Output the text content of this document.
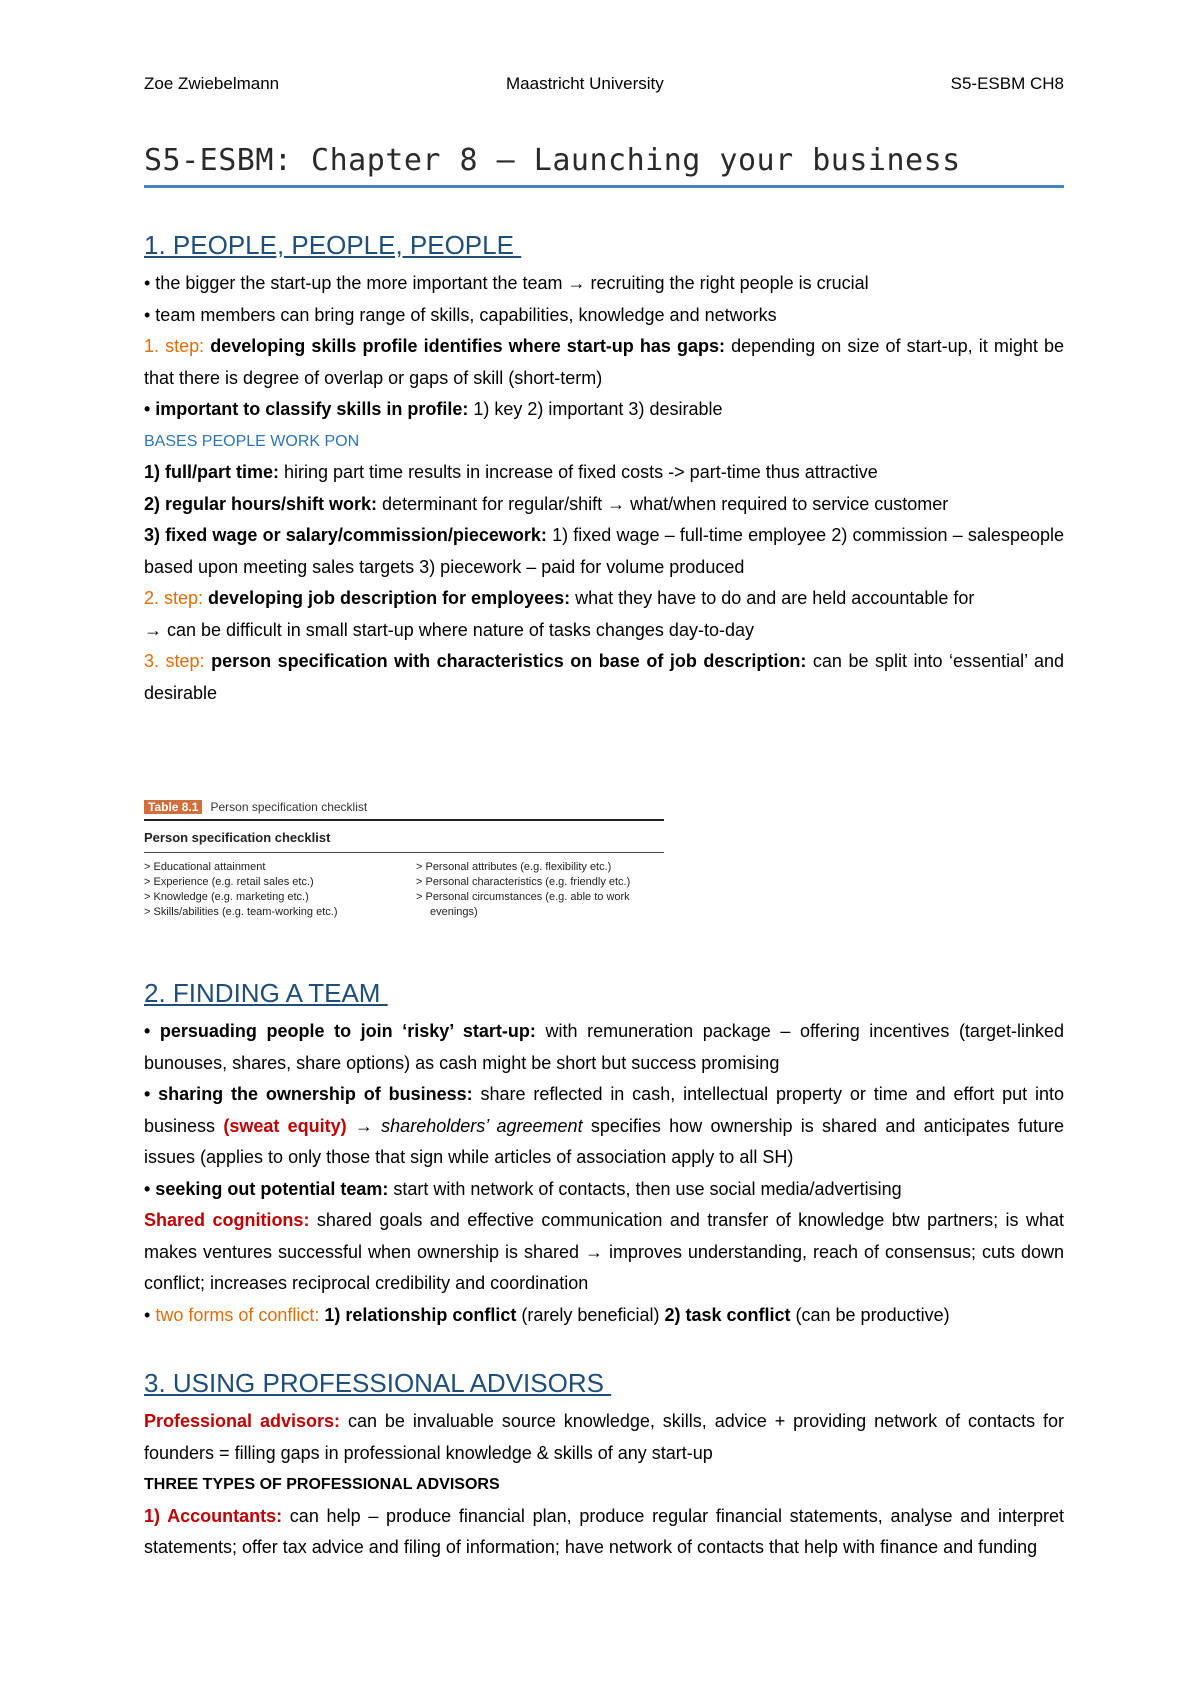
Zoe Zwiebelmann	Maastricht University	S5-ESBM CH8
S5-ESBM: Chapter 8 – Launching your business
1. PEOPLE, PEOPLE, PEOPLE

• the bigger the start-up the more important the team → recruiting the right people is crucial

• team members can bring range of skills, capabilities, knowledge and networks

1. step: developing skills profile identifies where start-up has gaps: depending on size of start-up, it might be that there is degree of overlap or gaps of skill (short-term)

• important to classify skills in profile: 1) key 2) important 3) desirable

BASES PEOPLE WORK PON

1) full/part time: hiring part time results in increase of fixed costs -> part-time thus attractive

2) regular hours/shift work: determinant for regular/shift → what/when required to service customer

3) fixed wage or salary/commission/piecework: 1) fixed wage – full-time employee 2) commission – salespeople based upon meeting sales targets 3) piecework – paid for volume produced

2. step: developing job description for employees: what they have to do and are held accountable for

→ can be difficult in small start-up where nature of tasks changes day-to-day

3. step: person specification with characteristics on base of job description: can be split into ‘essential’ and desirable

Table 8.1 Person specification checklist
Person specification checklist
> Educational attainment
> Experience (e.g. retail sales etc.)
> Knowledge (e.g. marketing etc.)
> Skills/abilities (e.g. team-working etc.)
> Personal attributes (e.g. flexibility etc.)
> Personal characteristics (e.g. friendly etc.)
> Personal circumstances (e.g. able to work
evenings)
2. FINDING A TEAM

• persuading people to join ‘risky’ start-up: with remuneration package – offering incentives (target-linked bunouses, shares, share options) as cash might be short but success promising

• sharing the ownership of business: share reflected in cash, intellectual property or time and effort put into business (sweat equity) → shareholders’ agreement specifies how ownership is shared and anticipates future issues (applies to only those that sign while articles of association apply to all SH)

• seeking out potential team: start with network of contacts, then use social media/advertising

Shared cognitions: shared goals and effective communication and transfer of knowledge btw partners; is what makes ventures successful when ownership is shared → improves understanding, reach of consensus; cuts down conflict; increases reciprocal credibility and coordination

• two forms of conflict: 1) relationship conflict (rarely beneficial) 2) task conflict (can be productive)

3. USING PROFESSIONAL ADVISORS

Professional advisors: can be invaluable source knowledge, skills, advice + providing network of contacts for founders = filling gaps in professional knowledge & skills of any start-up

THREE TYPES OF PROFESSIONAL ADVISORS

1) Accountants: can help – produce financial plan, produce regular financial statements, analyse and interpret statements; offer tax advice and filing of information; have network of contacts that help with finance and funding
